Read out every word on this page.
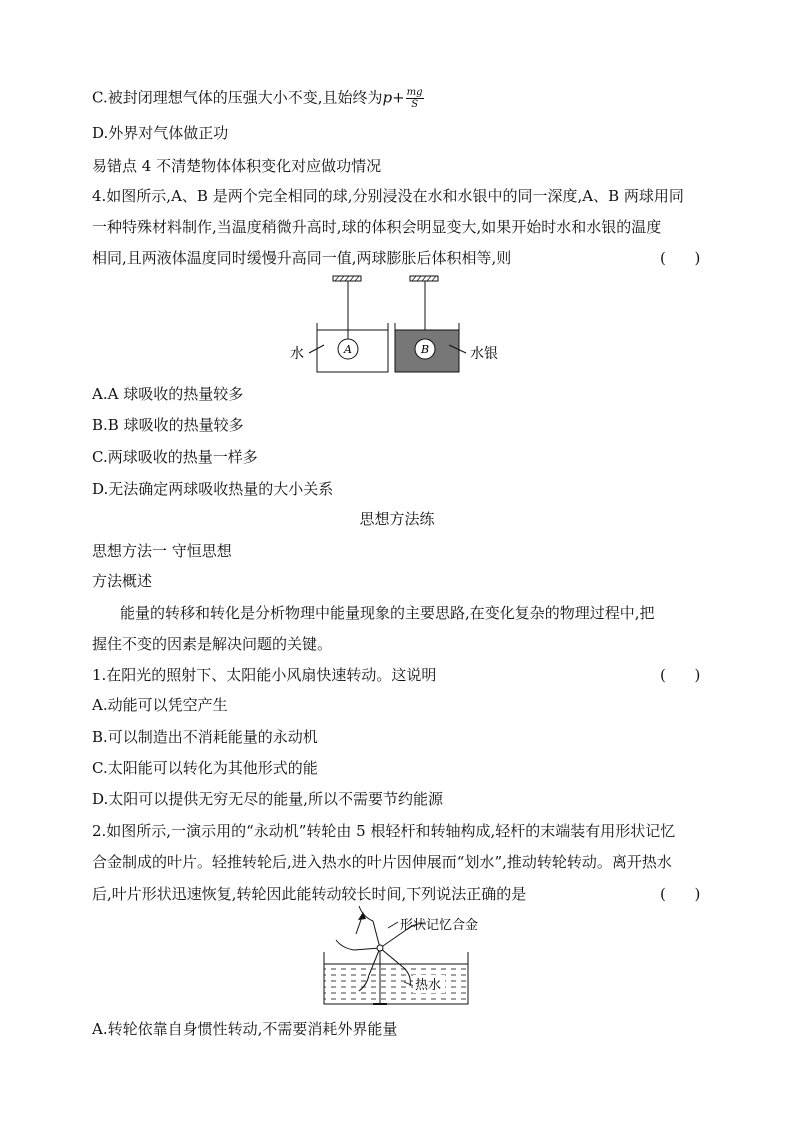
C.被封闭理想气体的压强大小不变,且始终为$p+ \frac{mg}{S}$
D.外界对气体做正功
易错点 4 不清楚物体体积变化对应做功情况
4.如图所示,A、B 是两个完全相同的球,分别浸没在水和水银中的同一深度,A、B 两球用同
一种特殊材料制作,当温度稍微升高时,球的体积会明显变大,如果开始时水和水银的温度
相同,且两液体温度同时缓慢升高同一值,两球膨胀后体积相等,则	(      )
水	水银
A	B
A.A 球吸收的热量较多
B.B 球吸收的热量较多
C.两球吸收的热量一样多
D.无法确定两球吸收热量的大小关系
思想方法练
思想方法一 守恒思想
方法概述
能量的转移和转化是分析物理中能量现象的主要思路,在变化复杂的物理过程中,把
握住不变的因素是解决问题的关键。
1.在阳光的照射下、太阳能小风扇快速转动。这说明	(      )
A.动能可以凭空产生
B.可以制造出不消耗能量的永动机
C.太阳能可以转化为其他形式的能
D.太阳可以提供无穷无尽的能量,所以不需要节约能源
2.如图所示,一演示用的“永动机”转轮由 5 根轻杆和转轴构成,轻杆的末端装有用形状记忆
合金制成的叶片。轻推转轮后,进入热水的叶片因伸展而“划水”,推动转轮转动。离开热水
后,叶片形状迅速恢复,转轮因此能转动较长时间,下列说法正确的是	(      )
形状记忆合金
热水
A.转轮依靠自身惯性转动,不需要消耗外界能量
